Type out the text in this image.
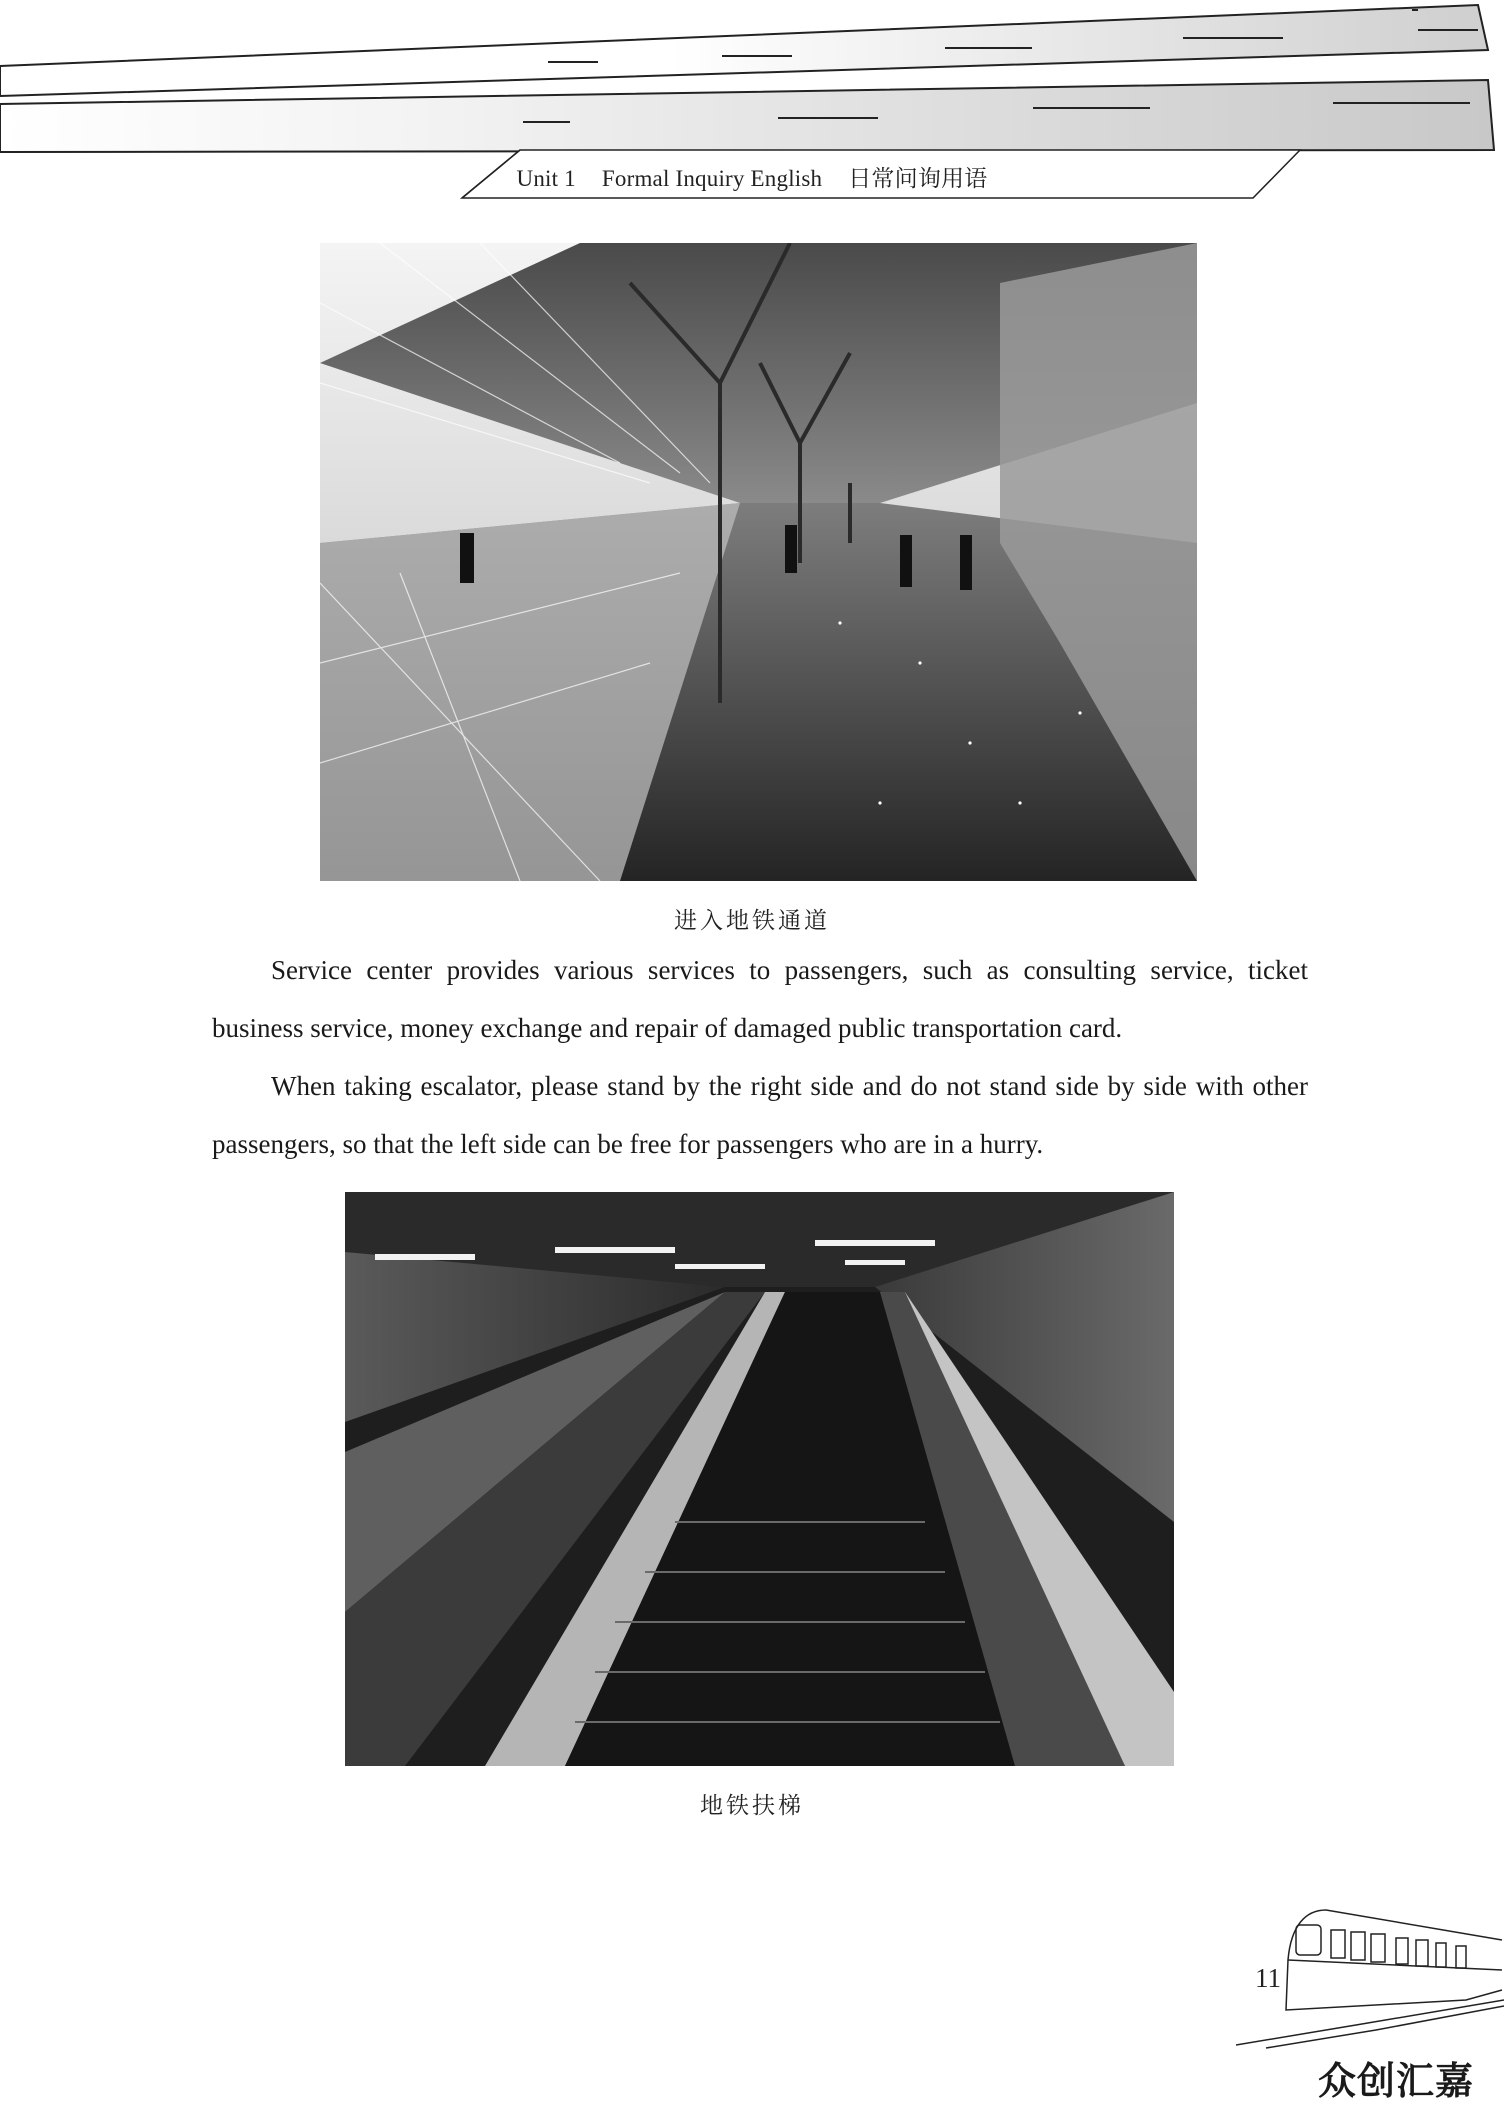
Unit 1 Formal Inquiry English 日常问询用语
进入地铁通道

Service center provides various services to passengers, such as consulting service, ticket business service, money exchange and repair of damaged public transportation card.

When taking escalator, please stand by the right side and do not stand side by side with other passengers, so that the left side can be free for passengers who are in a hurry.

地铁扶梯
11
众创汇嘉
